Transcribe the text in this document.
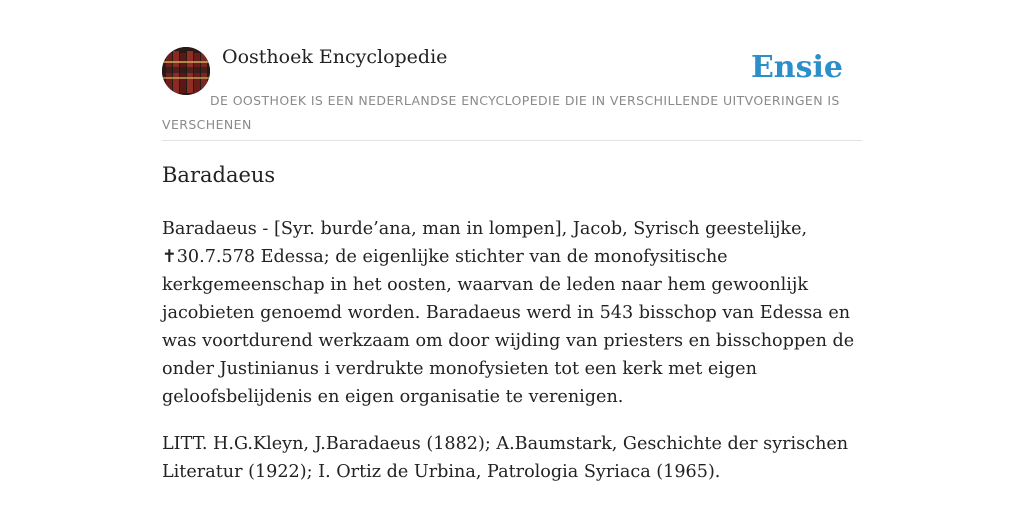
Oosthoek Encyclopedie	Ensie
DE OOSTHOEK IS EEN NEDERLANDSE ENCYCLOPEDIE DIE IN VERSCHILLENDE UITVOERINGEN IS VERSCHENEN
Baradaeus

Baradaeus - [Syr. burde’ana, man in lompen], Jacob, Syrisch geestelijke, ✝30.7.578 Edessa; de eigenlijke stichter van de monofysitische kerkgemeenschap in het oosten, waarvan de leden naar hem gewoonlijk jacobieten genoemd worden. Baradaeus werd in 543 bisschop van Edessa en was voortdurend werkzaam om door wijding van priesters en bisschoppen de onder Justinianus i verdrukte monofysieten tot een kerk met eigen geloofsbelijdenis en eigen organisatie te verenigen.

LITT. H.G.Kleyn, J.Baradaeus (1882); A.Baumstark, Geschichte der syrischen Literatur (1922); I. Ortiz de Urbina, Patrologia Syriaca (1965).
